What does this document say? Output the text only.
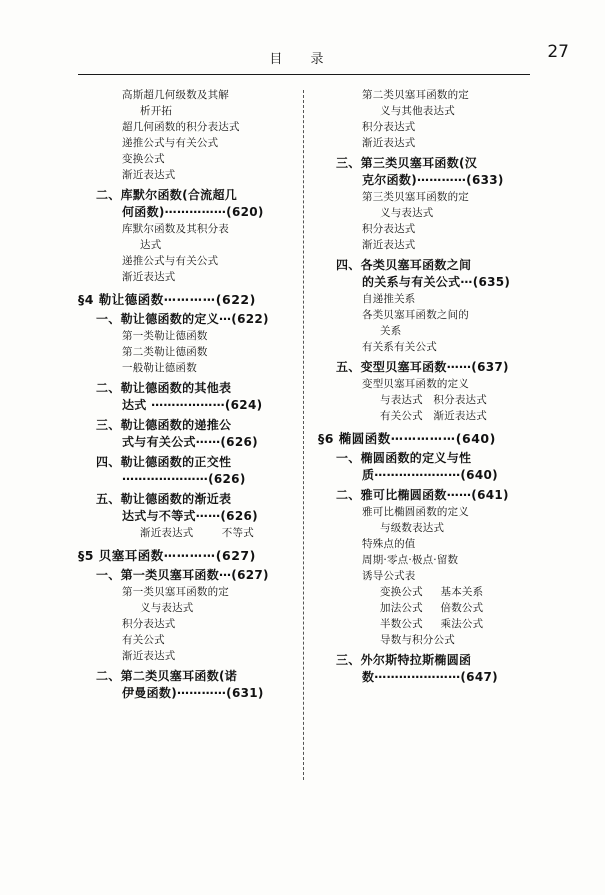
目 录	27
高斯超几何级数及其解
析开拓
超几何函数的积分表达式
递推公式与有关公式
变换公式
渐近表达式
二、库默尔函数(合流超几
何函数)⋯⋯⋯⋯⋯(620)
库默尔函数及其积分表
达式
递推公式与有关公式
渐近表达式
§4 勒让德函数⋯⋯⋯⋯(622)
一、勒让德函数的定义⋯(622)
第一类勒让德函数
第二类勒让德函数
一般勒让德函数
二、勒让德函数的其他表
达式 ⋯⋯⋯⋯⋯⋯(624)
三、勒让德函数的递推公
式与有关公式⋯⋯(626)
四、勒让德函数的正交性
⋯⋯⋯⋯⋯⋯⋯(626)
五、勒让德函数的渐近表
达式与不等式⋯⋯(626)
渐近表达式        不等式
§5 贝塞耳函数⋯⋯⋯⋯(627)
一、第一类贝塞耳函数⋯(627)
第一类贝塞耳函数的定
义与表达式
积分表达式
有关公式
渐近表达式
二、第二类贝塞耳函数(诺
伊曼函数)⋯⋯⋯⋯(631)
第二类贝塞耳函数的定
义与其他表达式
积分表达式
渐近表达式
三、第三类贝塞耳函数(汉
克尔函数)⋯⋯⋯⋯(633)
第三类贝塞耳函数的定
义与表达式
积分表达式
渐近表达式
四、各类贝塞耳函数之间
的关系与有关公式⋯(635)
自递推关系
各类贝塞耳函数之间的
关系
有关系有关公式
五、变型贝塞耳函数⋯⋯(637)
变型贝塞耳函数的定义
与表达式   积分表达式
有关公式   渐近表达式
§6 椭圆函数⋯⋯⋯⋯⋯(640)
一、椭圆函数的定义与性
质⋯⋯⋯⋯⋯⋯⋯(640)
二、雅可比椭圆函数⋯⋯(641)
雅可比椭圆函数的定义
与级数表达式
特殊点的值
周期·零点·极点·留数
诱导公式表
变换公式     基本关系
加法公式     倍数公式
半数公式     乘法公式
导数与积分公式
三、外尔斯特拉斯椭圆函
数⋯⋯⋯⋯⋯⋯⋯(647)
